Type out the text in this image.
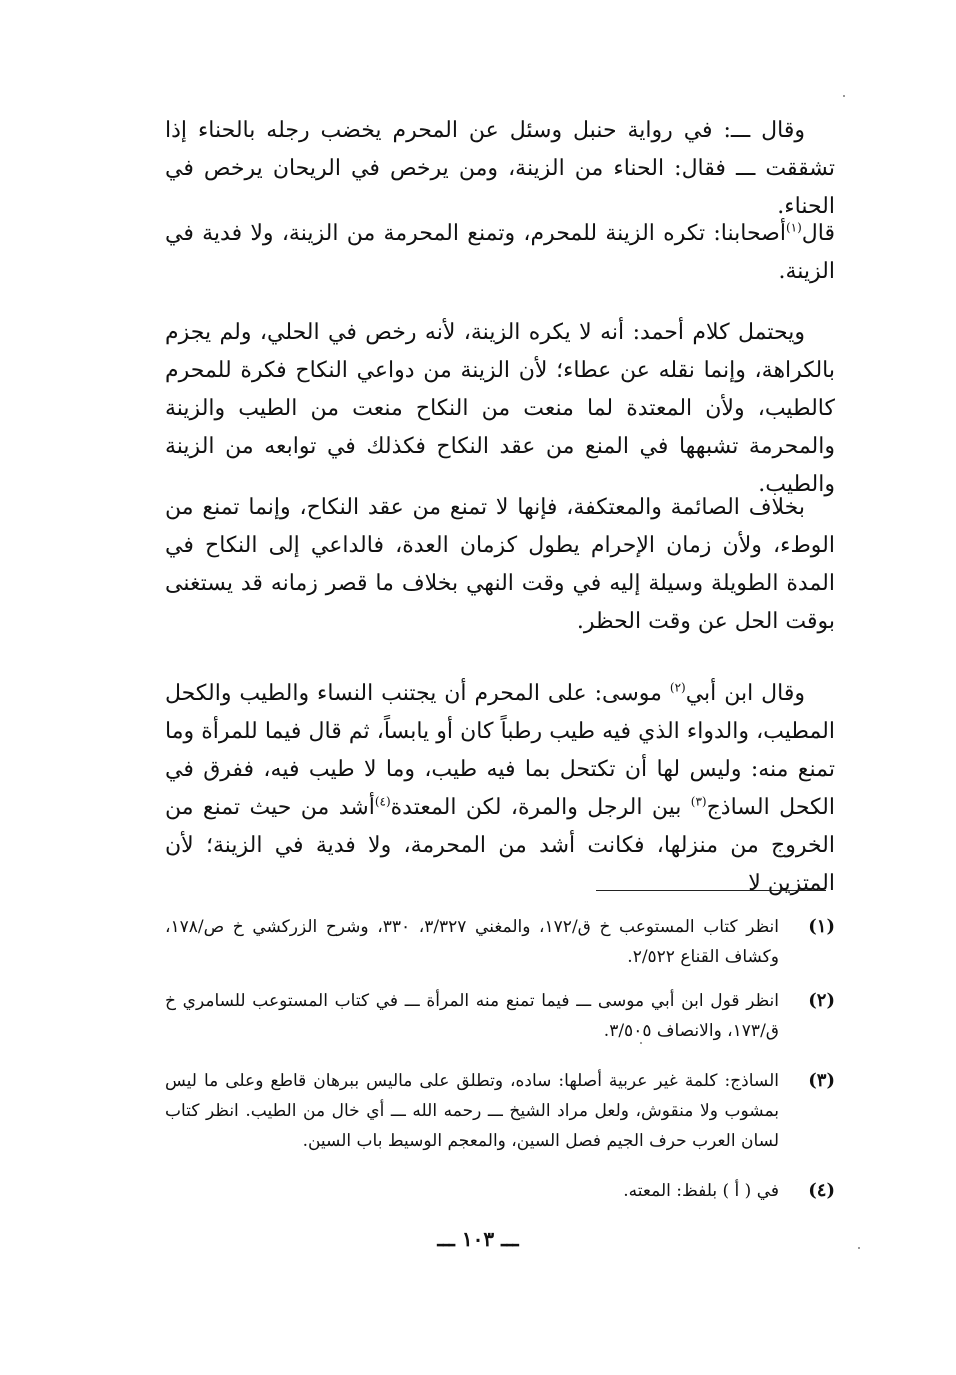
وقال ـــ: في رواية حنبل وسئل عن المحرم يخضب رجله بالحناء إذا تشققت ـــ فقال: الحناء من الزينة، ومن يرخص في الريحان يرخص في الحناء.

قال$^{(١)}$أصحابنا: تكره الزينة للمحرم، وتمنع المحرمة من الزينة، ولا فدية في الزينة.

ويحتمل كلام أحمد: أنه لا يكره الزينة، لأنه رخص في الحلي، ولم يجزم بالكراهة، وإنما نقله عن عطاء؛ لأن الزينة من دواعي النكاح فكرة للمحرم كالطيب، ولأن المعتدة لما منعت من النكاح منعت من الطيب والزينة والمحرمة تشبهها في المنع من عقد النكاح فكذلك في توابعه من الزينة والطيب.

بخلاف الصائمة والمعتكفة، فإنها لا تمنع من عقد النكاح، وإنما تمنع من الوطء، ولأن زمان الإحرام يطول كزمان العدة، فالداعي إلى النكاح في المدة الطويلة وسيلة إليه في وقت النهي بخلاف ما قصر زمانه قد يستغنى بوقت الحل عن وقت الحظر.

وقال ابن أبي$^{(٢)}$ موسى: على المحرم أن يجتنب النساء والطيب والكحل المطيب، والدواء الذي فيه طيب رطباً كان أو يابساً، ثم قال فيما للمرأة وما تمنع منه: وليس لها أن تكتحل بما فيه طيب، وما لا طيب فيه، ففرق في الكحل الساذج$^{(٣)}$ بين الرجل والمرة، لكن المعتدة$^{(٤)}$أشد من حيث تمنع من الخروج من منزلها، فكانت أشد من المحرمة، ولا فدية في الزينة؛ لأن المتزين لا

(١)
انظر كتاب المستوعب خ ق/١٧٢، والمغني ٣/٣٢٧، ٣٣٠، وشرح الزركشي خ ص/١٧٨، وكشاف القناع ٢/٥٢٢.
(٢)
انظر قول ابن أبي موسى ـــ فيما تمنع منه المرأة ـــ في كتاب المستوعب للسامري خ ق/١٧٣، والانصاف ٣/٥٠٥.
(٣)
الساذج: كلمة غير عربية أصلها: ساده، وتطلق على ماليس ببرهان قاطع وعلى ما ليس بمشوب ولا منقوش، ولعل مراد الشيخ ـــ رحمه الله ـــ أي خال من الطيب. انظر كتاب لسان العرب حرف الجيم فصل السين، والمعجم الوسيط باب السين.
(٤)
في ( أ ) بلفظ: المعته.
ـــ ١٠٣ ـــ
